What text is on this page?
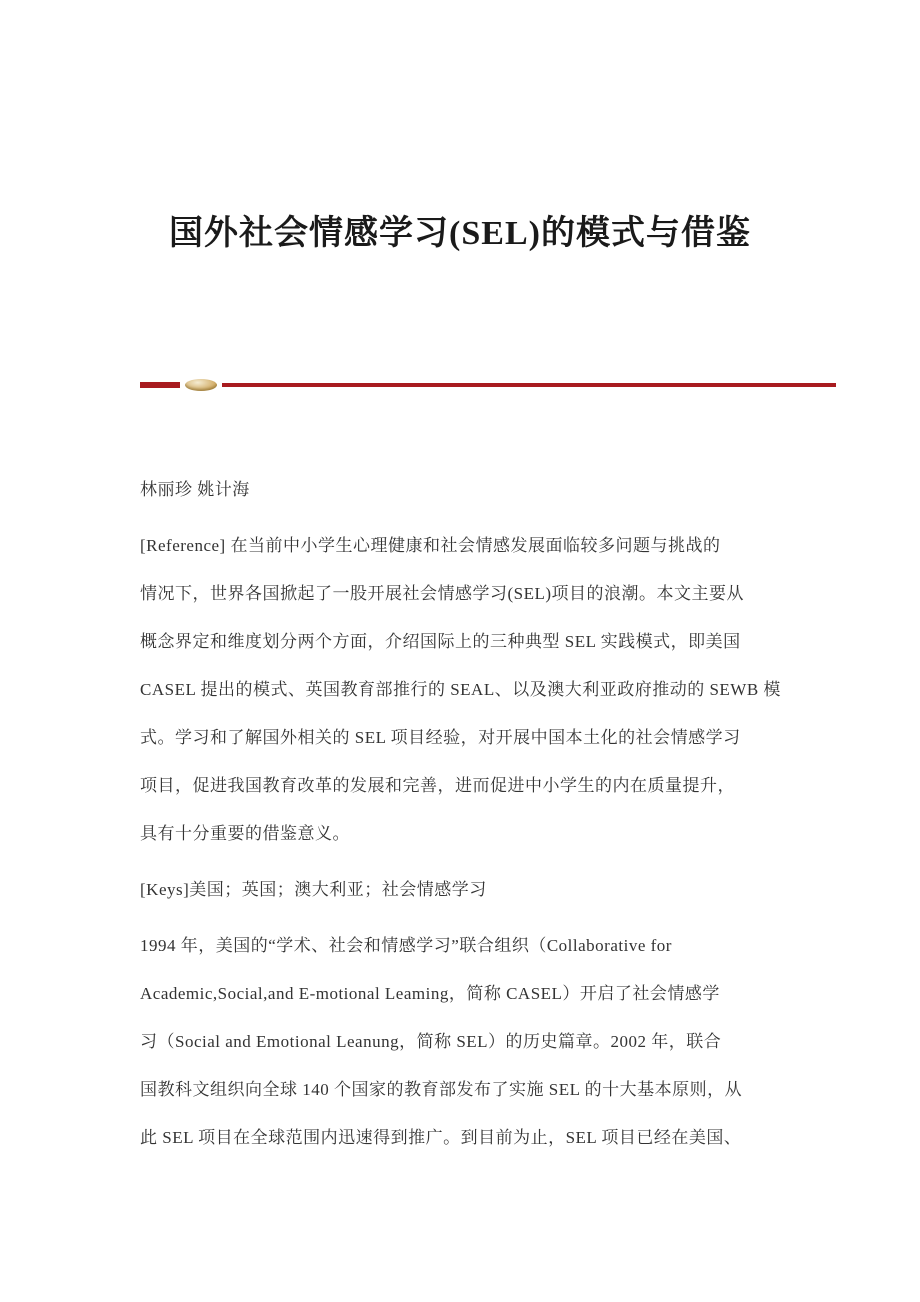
国外社会情感学习(SEL)的模式与借鉴
林丽珍 姚计海
[Reference] 在当前中小学生心理健康和社会情感发展面临较多问题与挑战的
情况下，世界各国掀起了一股开展社会情感学习(SEL)项目的浪潮。本文主要从
概念界定和维度划分两个方面，介绍国际上的三种典型 SEL 实践模式，即美国
CASEL 提出的模式、英国教育部推行的 SEAL、以及澳大利亚政府推动的 SEWB 模
式。学习和了解国外相关的 SEL 项目经验，对开展中国本土化的社会情感学习
项目，促进我国教育改革的发展和完善，进而促进中小学生的内在质量提升，
具有十分重要的借鉴意义。
[Keys]美国；英国；澳大利亚；社会情感学习
1994 年，美国的“学术、社会和情感学习”联合组织（Collaborative for
Academic,Social,and E-motional Leaming，简称 CASEL）开启了社会情感学
习（Social and Emotional Leanung，简称 SEL）的历史篇章。2002 年，联合
国教科文组织向全球 140 个国家的教育部发布了实施 SEL 的十大基本原则，从
此 SEL 项目在全球范围内迅速得到推广。到目前为止，SEL 项目已经在美国、
